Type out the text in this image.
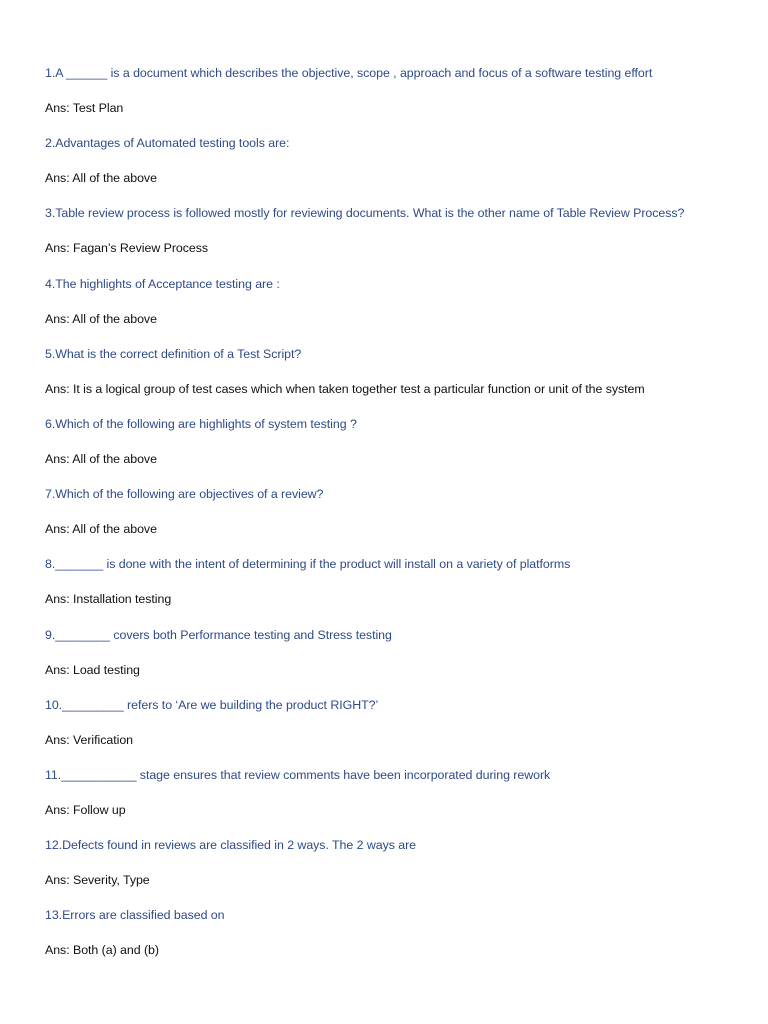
1.A ______ is a document which describes the objective, scope , approach and focus of a software testing effort
Ans: Test Plan
2.Advantages of Automated testing tools are:
Ans: All of the above
3.Table review process is followed mostly for reviewing documents. What is the other name of Table Review Process?
Ans: Fagan’s Review Process
4.The highlights of Acceptance testing are :
Ans: All of the above
5.What is the correct definition of a Test Script?
Ans: It is a logical group of test cases which when taken together test a particular function or unit of the system
6.Which of the following are highlights of system testing ?
Ans: All of the above
7.Which of the following are objectives of a review?
Ans: All of the above
8._______ is done with the intent of determining if the product will install on a variety of platforms
Ans: Installation testing
9.________ covers both Performance testing and Stress testing
Ans: Load testing
10._________ refers to ‘Are we building the product RIGHT?’
Ans: Verification
11.___________ stage ensures that review comments have been incorporated during rework
Ans: Follow up
12.Defects found in reviews are classified in 2 ways. The 2 ways are
Ans: Severity, Type
13.Errors are classified based on
Ans: Both (a) and (b)
